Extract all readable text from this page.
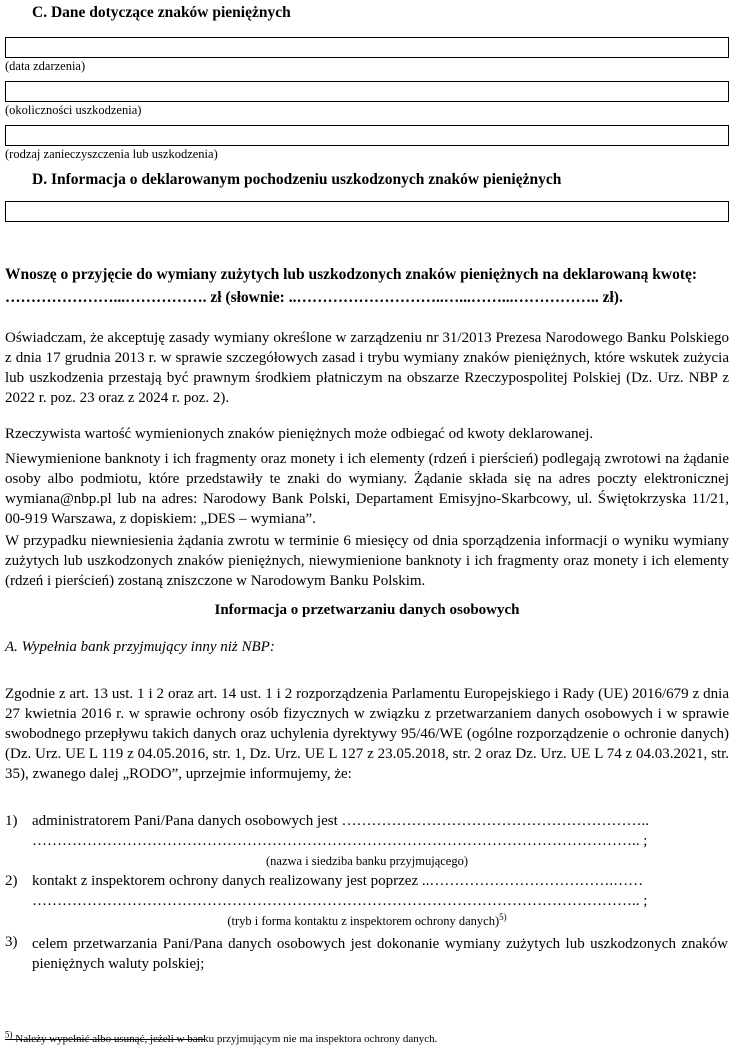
C. Dane dotyczące znaków pieniężnych
(data zdarzenia)
(okoliczności uszkodzenia)
(rodzaj zanieczyszczenia lub uszkodzenia)
D. Informacja o deklarowanym pochodzeniu uszkodzonych znaków pieniężnych
Wnoszę o przyjęcie do wymiany zużytych lub uszkodzonych znaków pieniężnych na deklarowaną kwotę:
…………………...……………. zł (słownie: ..………………………..…...……...…………….. zł).
Oświadczam, że akceptuję zasady wymiany określone w zarządzeniu nr 31/2013 Prezesa Narodowego Banku Polskiego z dnia 17 grudnia 2013 r. w sprawie szczegółowych zasad i trybu wymiany znaków pieniężnych, które wskutek zużycia lub uszkodzenia przestają być prawnym środkiem płatniczym na obszarze Rzeczypospolitej Polskiej (Dz. Urz. NBP z 2022 r. poz. 23 oraz z 2024 r. poz. 2).
Rzeczywista wartość wymienionych znaków pieniężnych może odbiegać od kwoty deklarowanej.
Niewymienione banknoty i ich fragmenty oraz monety i ich elementy (rdzeń i pierścień) podlegają zwrotowi na żądanie osoby albo podmiotu, które przedstawiły te znaki do wymiany. Żądanie składa się na adres poczty elektronicznej wymiana@nbp.pl lub na adres: Narodowy Bank Polski, Departament Emisyjno-Skarbcowy, ul. Świętokrzyska 11/21, 00-919 Warszawa, z dopiskiem: „DES – wymiana”.
W przypadku niewniesienia żądania zwrotu w terminie 6 miesięcy od dnia sporządzenia informacji o wyniku wymiany zużytych lub uszkodzonych znaków pieniężnych, niewymienione banknoty i ich fragmenty oraz monety i ich elementy (rdzeń i pierścień) zostaną zniszczone w Narodowym Banku Polskim.
Informacja o przetwarzaniu danych osobowych
A. Wypełnia bank przyjmujący inny niż NBP:
Zgodnie z art. 13 ust. 1 i 2 oraz art. 14 ust. 1 i 2 rozporządzenia Parlamentu Europejskiego i Rady (UE) 2016/679 z dnia 27 kwietnia 2016 r. w sprawie ochrony osób fizycznych w związku z przetwarzaniem danych osobowych i w sprawie swobodnego przepływu takich danych oraz uchylenia dyrektywy 95/46/WE (ogólne rozporządzenie o ochronie danych) (Dz. Urz. UE L 119 z 04.05.2016, str. 1, Dz. Urz. UE L 127 z 23.05.2018, str. 2 oraz Dz. Urz. UE L 74 z 04.03.2021, str. 35), zwanego dalej „RODO”, uprzejmie informujemy, że:
1) administratorem Pani/Pana danych osobowych jest ……………………………………………………..
………………………………………………………………………………………………………….. ;
(nazwa i siedziba banku przyjmującego)
2) kontakt z inspektorem ochrony danych realizowany jest poprzez ..……………………………….……
………………………………………………………………………………………………………….. ;
(tryb i forma kontaktu z inspektorem ochrony danych)$^{5)}$
3) celem przetwarzania Pani/Pana danych osobowych jest dokonanie wymiany zużytych lub uszkodzonych znaków pieniężnych waluty polskiej;
$^{5)}$ Należy wypełnić albo usunąć, jeżeli w banku przyjmującym nie ma inspektora ochrony danych.
